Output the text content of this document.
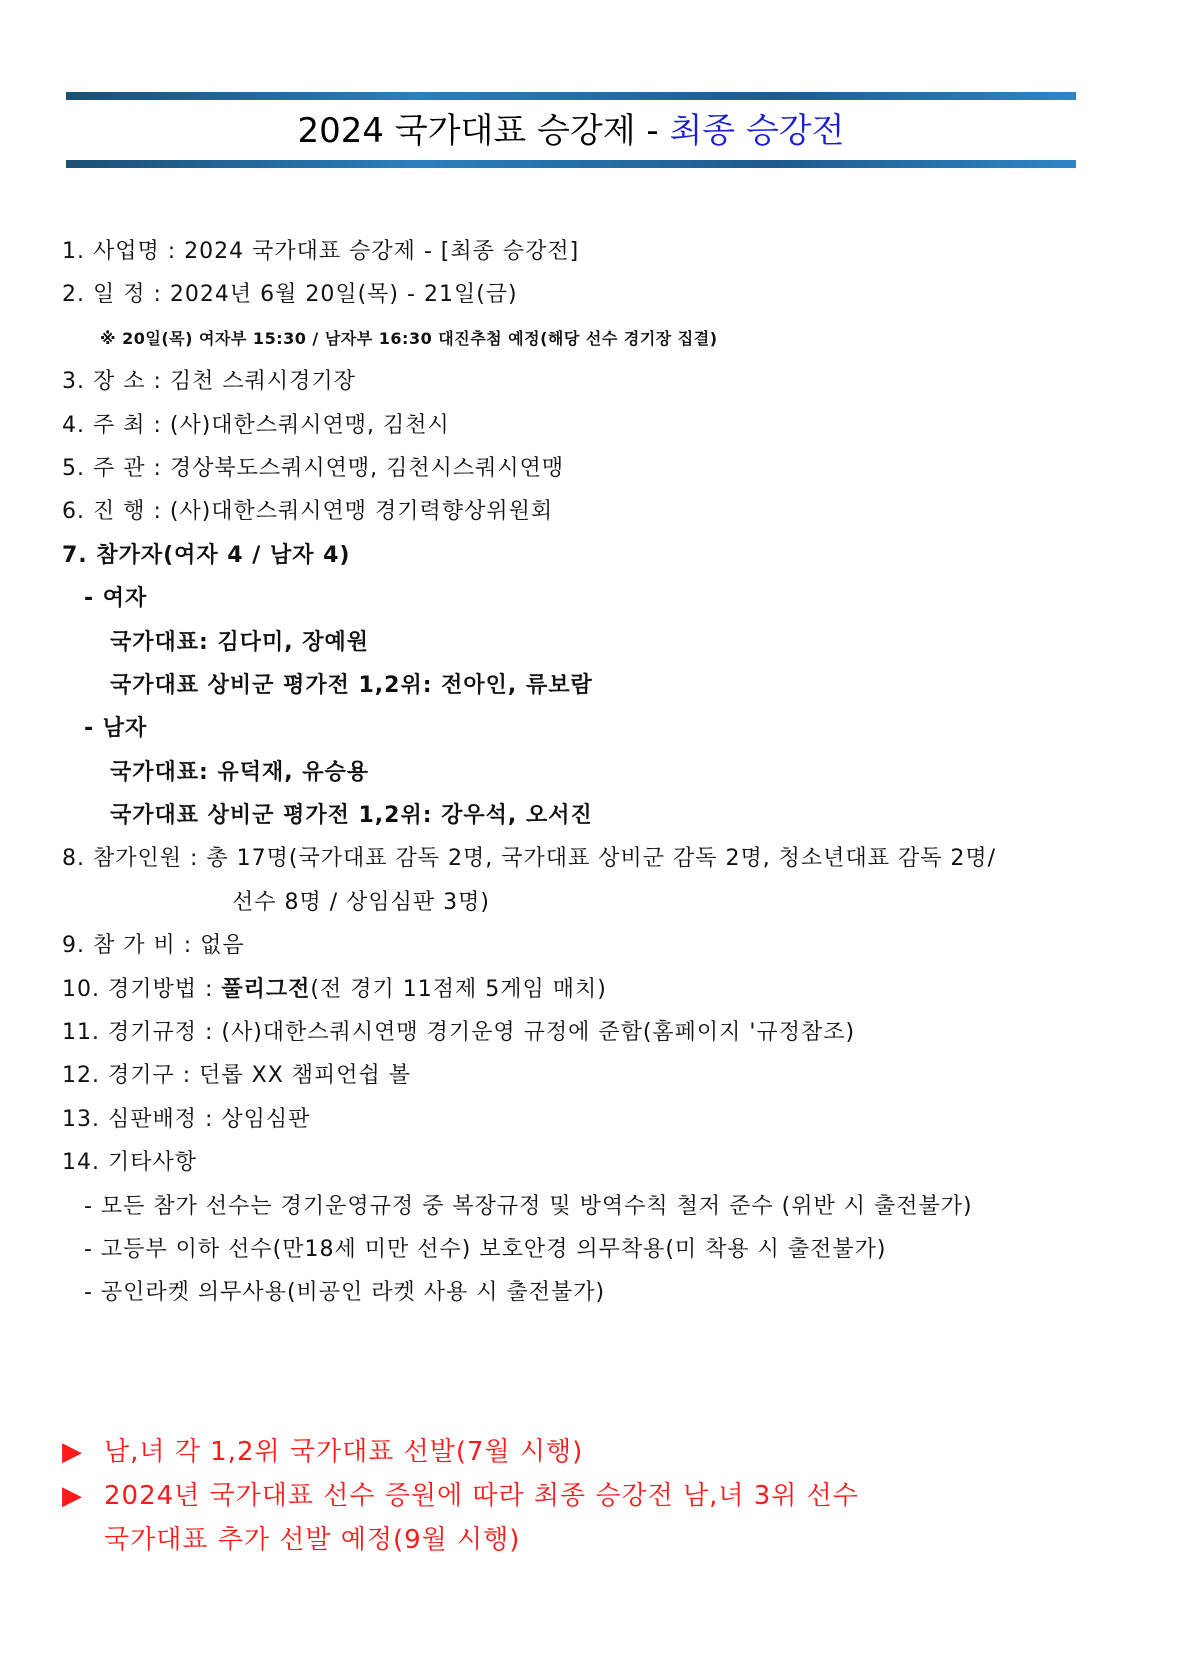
2024 국가대표 승강제 - 최종 승강전
1. 사업명 : 2024 국가대표 승강제 - [최종 승강전]
2. 일 정 : 2024년 6월 20일(목) - 21일(금)
※ 20일(목) 여자부 15:30 / 남자부 16:30 대진추첨 예정(해당 선수 경기장 집결)
3. 장 소 : 김천 스쿼시경기장
4. 주 최 : (사)대한스쿼시연맹, 김천시
5. 주 관 : 경상북도스쿼시연맹, 김천시스쿼시연맹
6. 진 행 : (사)대한스쿼시연맹 경기력향상위원회
7. 참가자(여자 4 / 남자 4)
- 여자
국가대표: 김다미, 장예원
국가대표 상비군 평가전 1,2위: 전아인, 류보람
- 남자
국가대표: 유덕재, 유승용
국가대표 상비군 평가전 1,2위: 강우석, 오서진
8. 참가인원 : 총 17명(국가대표 감독 2명, 국가대표 상비군 감독 2명, 청소년대표 감독 2명/
선수 8명 / 상임심판 3명)
9. 참 가 비 : 없음
10. 경기방법 : 풀리그전(전 경기 11점제 5게임 매치)
11. 경기규정 : (사)대한스쿼시연맹 경기운영 규정에 준함(홈페이지 '규정참조)
12. 경기구 : 던롭 XX 챔피언쉽 볼
13. 심판배정 : 상임심판
14. 기타사항
- 모든 참가 선수는 경기운영규정 중 복장규정 및 방역수칙 철저 준수 (위반 시 출전불가)
- 고등부 이하 선수(만18세 미만 선수) 보호안경 의무착용(미 착용 시 출전불가)
- 공인라켓 의무사용(비공인 라켓 사용 시 출전불가)
▶ 남,녀 각 1,2위 국가대표 선발(7월 시행)
▶ 2024년 국가대표 선수 증원에 따라 최종 승강전 남,녀 3위 선수
국가대표 추가 선발 예정(9월 시행)
